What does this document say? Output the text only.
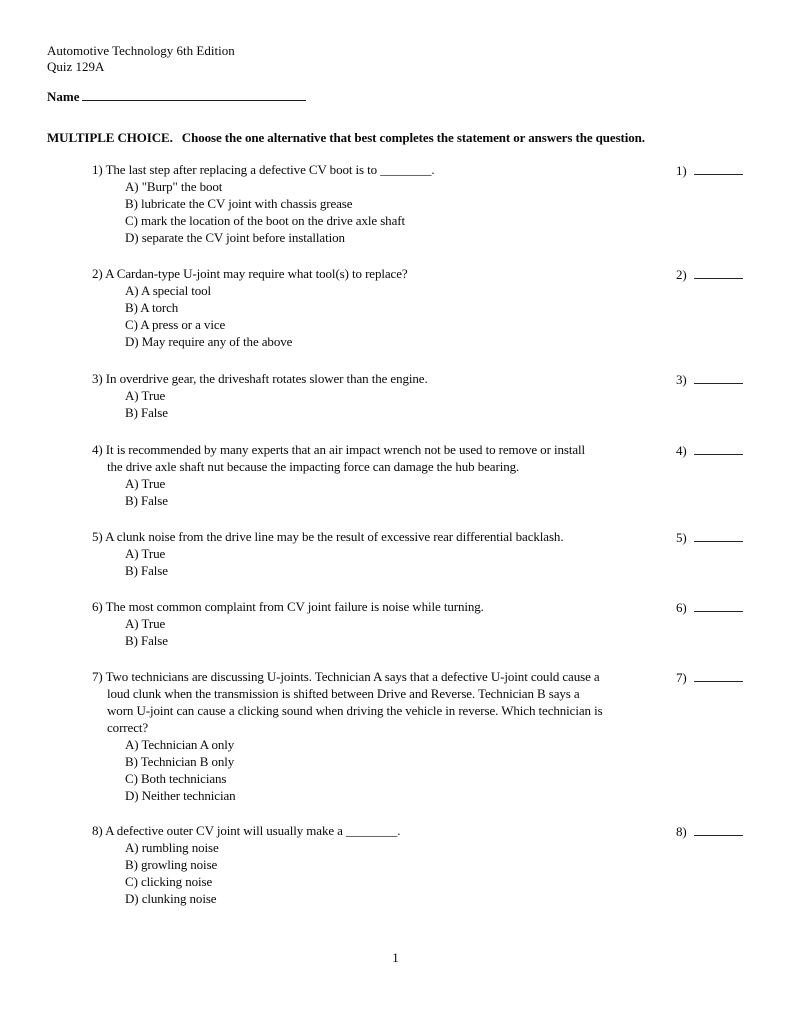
Automotive Technology 6th Edition
Quiz 129A
Name
MULTIPLE CHOICE. Choose the one alternative that best completes the statement or answers the question.
1) The last step after replacing a defective CV boot is to ________.
A) "Burp" the boot
B) lubricate the CV joint with chassis grease
C) mark the location of the boot on the drive axle shaft
D) separate the CV joint before installation
1)
2) A Cardan-type U-joint may require what tool(s) to replace?
A) A special tool
B) A torch
C) A press or a vice
D) May require any of the above
2)
3) In overdrive gear, the driveshaft rotates slower than the engine.
A) True
B) False
3)
4) It is recommended by many experts that an air impact wrench not be used to remove or install
the drive axle shaft nut because the impacting force can damage the hub bearing.
A) True
B) False
4)
5) A clunk noise from the drive line may be the result of excessive rear differential backlash.
A) True
B) False
5)
6) The most common complaint from CV joint failure is noise while turning.
A) True
B) False
6)
7) Two technicians are discussing U-joints. Technician A says that a defective U-joint could cause a
loud clunk when the transmission is shifted between Drive and Reverse. Technician B says a
worn U-joint can cause a clicking sound when driving the vehicle in reverse. Which technician is
correct?
A) Technician A only
B) Technician B only
C) Both technicians
D) Neither technician
7)
8) A defective outer CV joint will usually make a ________.
A) rumbling noise
B) growling noise
C) clicking noise
D) clunking noise
8)
1
